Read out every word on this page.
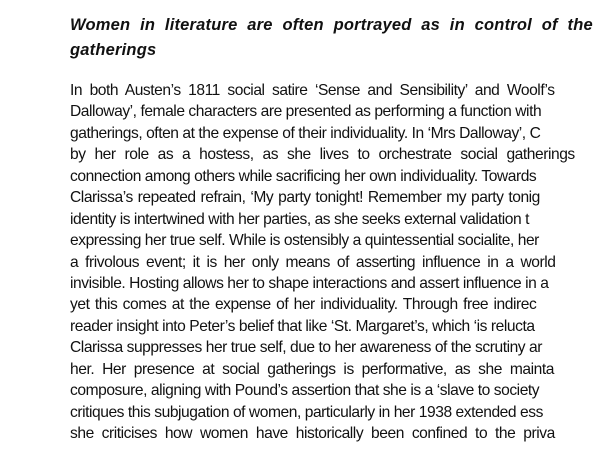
Women in literature are often portrayed as in control of the
gatherings
In both Austen’s 1811 social satire ‘Sense and Sensibility’ and Woolf’s
Dalloway’, female characters are presented as performing a function with
gatherings, often at the expense of their individuality. In ‘Mrs Dalloway’, C
by her role as a hostess, as she lives to orchestrate social gatherings
connection among others while sacrificing her own individuality. Towards
Clarissa’s repeated refrain, ‘My party tonight! Remember my party tonig
identity is intertwined with her parties, as she seeks external validation t
expressing her true self. While is ostensibly a quintessential socialite, her
a frivolous event; it is her only means of asserting influence in a world
invisible. Hosting allows her to shape interactions and assert influence in a
yet this comes at the expense of her individuality. Through free indirec
reader insight into Peter’s belief that like ‘St. Margaret’s, which ‘is relucta
Clarissa suppresses her true self, due to her awareness of the scrutiny ar
her. Her presence at social gatherings is performative, as she mainta
composure, aligning with Pound’s assertion that she is a ‘slave to society
critiques this subjugation of women, particularly in her 1938 extended ess
she criticises how women have historically been confined to the priva
